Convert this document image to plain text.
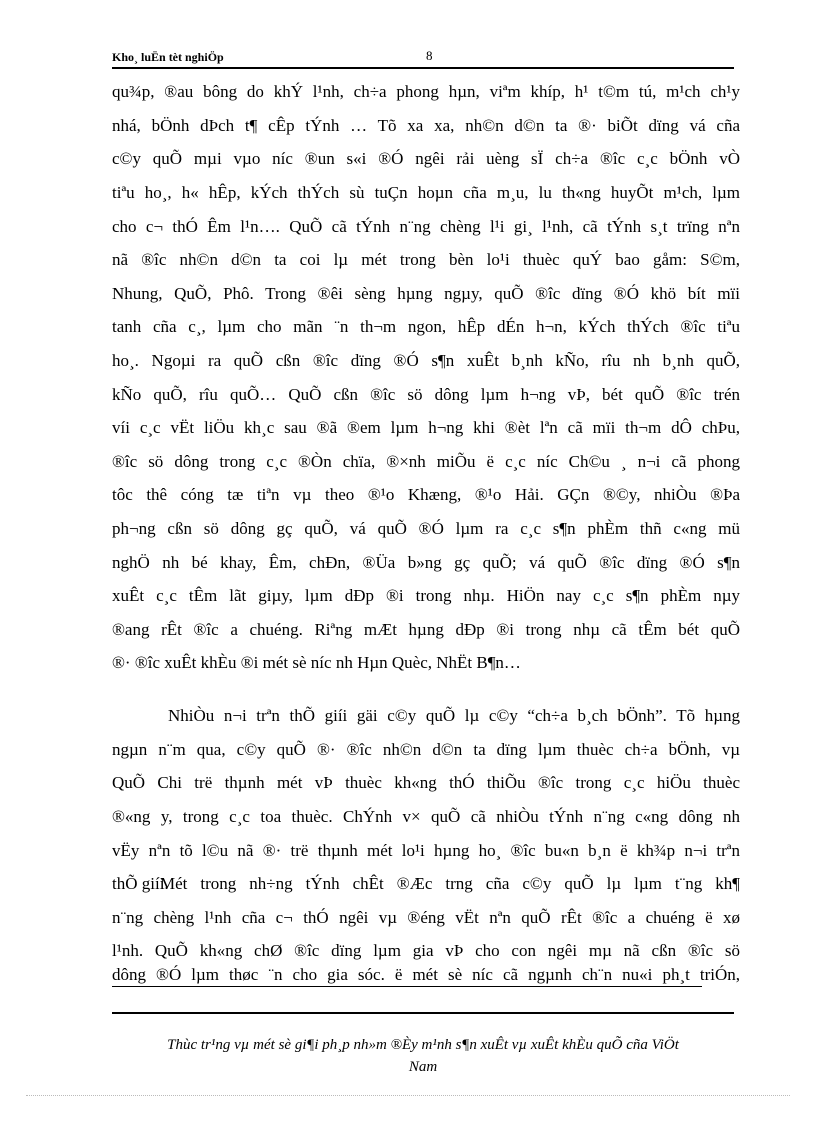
Kho¸ luËn tèt nghiÖp	8
qu¾p, ®au bông do khÝ l¹nh, ch÷a phong hµn, viªm khíp, h¹ t©m tú, m¹ch ch¹y
nhá, bÖnh dÞch t¶ cÊp tÝnh … Tõ xa xa, nh©n d©n ta ®· biÕt dïng vá cña
c©y quÕ mµi vµo níc ®un s«i ®Ó ngêi rải uèng sÏ ch÷a ®îc c¸c bÖnh vÒ
tiªu ho¸, h« hÊp, kÝch thÝch sù tuÇn hoµn cña m¸u, lu th«ng huyÕt m¹ch, lµm
cho c¬ thÓ Êm l¹n…. QuÕ cã tÝnh n¨ng chèng l¹i gi¸ l¹nh, cã tÝnh s¸t trïng nªn
nã ®îc nh©n d©n ta coi lµ mét trong bèn lo¹i thuèc quÝ bao gåm: S©m,
Nhung, QuÕ, Phô. Trong ®êi sèng hµng ngµy, quÕ ®îc dïng ®Ó khö bít mïi
tanh cña c¸, lµm cho mãn ¨n th¬m ngon, hÊp dÉn h¬n, kÝch thÝch ®îc tiªu
ho¸. Ngoµi ra quÕ cßn ®îc dïng ®Ó s¶n xuÊt b¸nh kÑo, rîu nh b¸nh quÕ,
kÑo quÕ, rîu quÕ… QuÕ cßn ®îc sö dông lµm h¬ng vÞ, bét quÕ ®îc trén
víi c¸c vËt liÖu kh¸c sau ®ã ®em lµm h¬ng khi ®èt lªn cã mïi th¬m dÔ chÞu,
®îc sö dông trong c¸c ®Òn chïa, ®×nh miÕu ë c¸c níc Ch©u ¸ n¬i cã phong
tôc thê cóng tæ tiªn vµ theo ®¹o Khæng, ®¹o Hải. GÇn ®©y, nhiÒu ®Þa
ph¬ng cßn sö dông gç quÕ, vá quÕ ®Ó lµm ra c¸c s¶n phÈm thñ c«ng mü
nghÖ nh bé khay, Êm, chÐn, ®Üa b»ng gç quÕ; vá quÕ ®îc dïng ®Ó s¶n
xuÊt c¸c tÊm lãt giµy, lµm dÐp ®i trong nhµ. HiÖn nay c¸c s¶n phÈm nµy
®ang rÊt ®îc a chuéng. Riªng mÆt hµng dÐp ®i trong nhµ cã tÊm bét quÕ
®· ®îc xuÊt khÈu ®i mét sè níc nh Hµn Quèc, NhËt B¶n…
NhiÒu n¬i trªn thÕ giíi gäi c©y quÕ lµ c©y “ch÷a b¸ch bÖnh”. Tõ hµng
ngµn n¨m qua, c©y quÕ ®· ®îc nh©n d©n ta dïng lµm thuèc ch÷a bÖnh, vµ
QuÕ Chi trë thµnh mét vÞ thuèc kh«ng thÓ thiÕu ®îc trong c¸c hiÖu thuèc
®«ng y, trong c¸c toa thuèc. ChÝnh v× quÕ cã nhiÒu tÝnh n¨ng c«ng dông nh
vËy nªn tõ l©u nã ®· trë thµnh mét lo¹i hµng ho¸ ®îc bu«n b¸n ë kh¾p n¬i trªn
thÕ giíi.
Mét trong nh÷ng tÝnh chÊt ®Æc trng cña c©y quÕ lµ lµm t¨ng kh¶
n¨ng chèng l¹nh cña c¬ thÓ ngêi vµ ®éng vËt nªn quÕ rÊt ®îc a chuéng ë xø
l¹nh. QuÕ kh«ng chØ ®îc dïng lµm gia vÞ cho con ngêi mµ nã cßn ®îc sö
dông ®Ó lµm thøc ¨n cho gia sóc. ë mét sè níc cã ngµnh ch¨n nu«i ph¸t triÓn,
Thùc tr¹ng vµ mét sè gi¶i ph¸p nh»m ®Èy m¹nh s¶n xuÊt vµ xuÊt khÈu quÕ cña ViÖt
Nam
